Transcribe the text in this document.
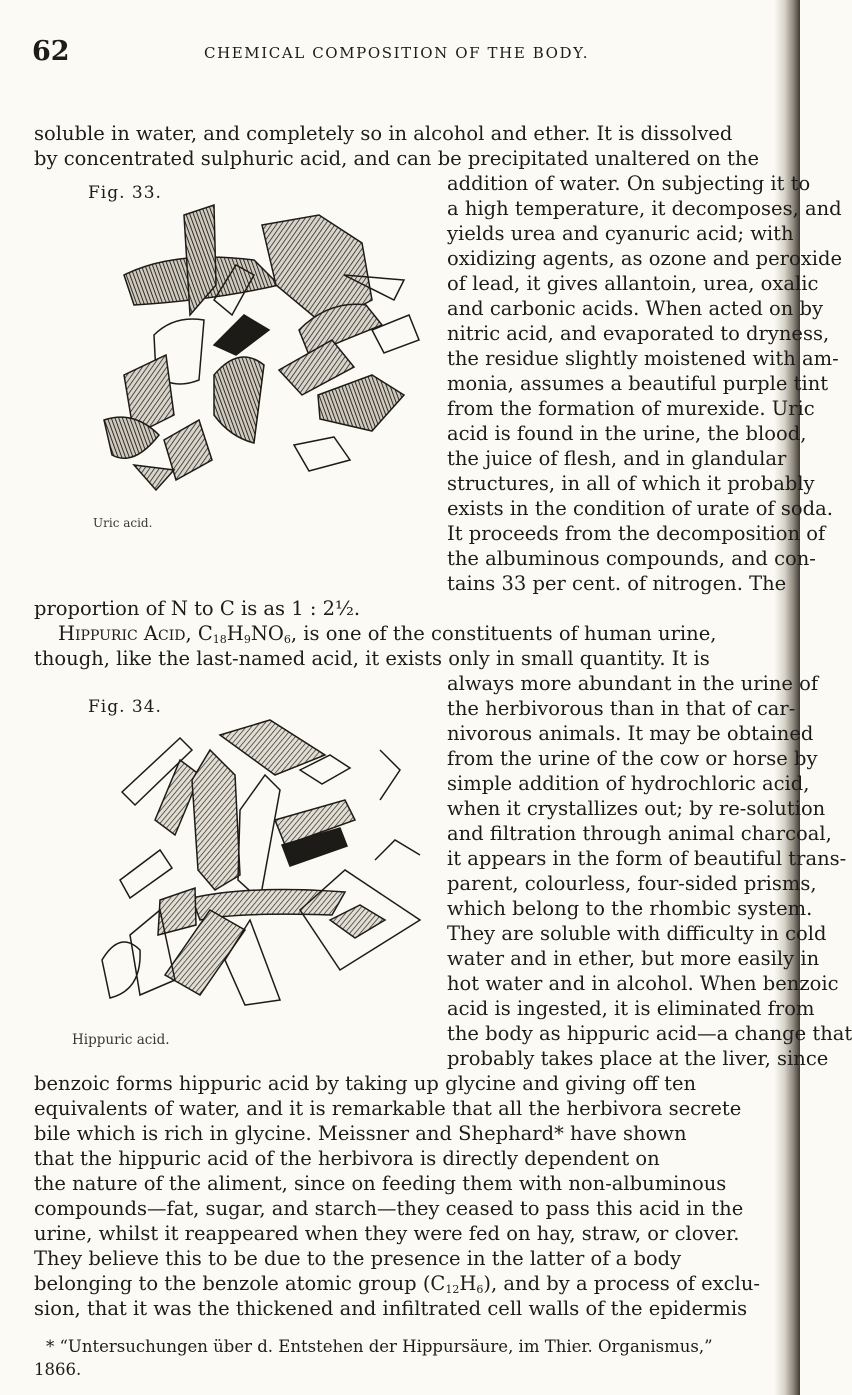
62	CHEMICAL COMPOSITION OF THE BODY.
Fig. 33.
Uric acid.
soluble in water, and completely so in alcohol and ether. It is dissolved
by concentrated sulphuric acid, and can be precipitated unaltered on the
addition of water. On subjecting it to
a high temperature, it decomposes, and
yields urea and cyanuric acid; with
oxidizing agents, as ozone and peroxide
of lead, it gives allantoin, urea, oxalic
and carbonic acids. When acted on by
nitric acid, and evaporated to dryness,
the residue slightly moistened with am-
monia, assumes a beautiful purple tint
from the formation of murexide. Uric
acid is found in the urine, the blood,
the juice of flesh, and in glandular
structures, in all of which it probably
exists in the condition of urate of soda.
It proceeds from the decomposition of
the albuminous compounds, and con-
tains 33 per cent. of nitrogen. The
proportion of N to C is as 1 : 2½.
Hippuric Acid, $C_{18}H_9NO_6$, is one of the constituents of human urine,
though, like the last-named acid, it exists only in small quantity. It is
Fig. 34.
Hippuric acid.
always more abundant in the urine of
the herbivorous than in that of car-
nivorous animals. It may be obtained
from the urine of the cow or horse by
simple addition of hydrochloric acid,
when it crystallizes out; by re-solution
and filtration through animal charcoal,
it appears in the form of beautiful trans-
parent, colourless, four-sided prisms,
which belong to the rhombic system.
They are soluble with difficulty in cold
water and in ether, but more easily in
hot water and in alcohol. When benzoic
acid is ingested, it is eliminated from
the body as hippuric acid—a change that
probably takes place at the liver, since
benzoic forms hippuric acid by taking up glycine and giving off ten
equivalents of water, and it is remarkable that all the herbivora secrete
bile which is rich in glycine. Meissner and Shephard* have shown
that the hippuric acid of the herbivora is directly dependent on
the nature of the aliment, since on feeding them with non-albuminous
compounds—fat, sugar, and starch—they ceased to pass this acid in the
urine, whilst it reappeared when they were fed on hay, straw, or clover.
They believe this to be due to the presence in the latter of a body
belonging to the benzole atomic group $(C_{12}H_6)$, and by a process of exclu-
sion, that it was the thickened and infiltrated cell walls of the epidermis
* “Untersuchungen über d. Entstehen der Hippursäure, im Thier. Organismus,”
1866.
